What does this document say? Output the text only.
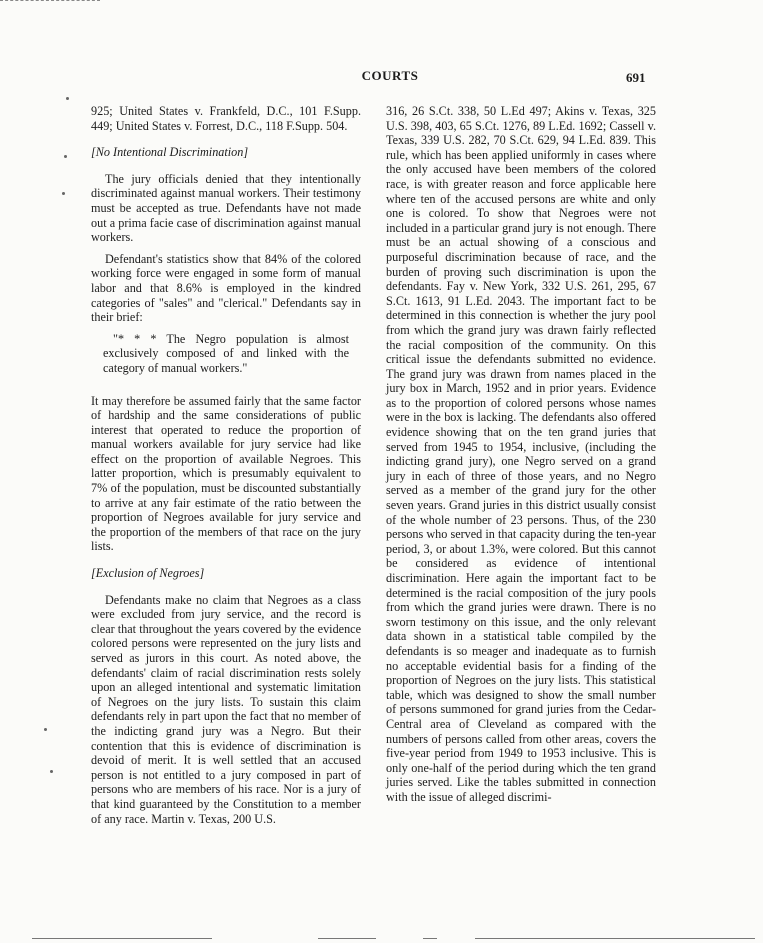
COURTS	691

925; United States v. Frankfeld, D.C., 101 F.Supp. 449; United States v. Forrest, D.C., 118 F.Supp. 504.

[No Intentional Discrimination]

The jury officials denied that they intentionally discriminated against manual workers. Their testimony must be accepted as true. Defendants have not made out a prima facie case of discrimination against manual workers.

Defendant's statistics show that 84% of the colored working force were engaged in some form of manual labor and that 8.6% is employed in the kindred categories of "sales" and "clerical." Defendants say in their brief:

"* * * The Negro population is almost exclusively composed of and linked with the category of manual workers."

It may therefore be assumed fairly that the same factor of hardship and the same considerations of public interest that operated to reduce the proportion of manual workers available for jury service had like effect on the proportion of available Negroes. This latter proportion, which is presumably equivalent to 7% of the population, must be discounted substantially to arrive at any fair estimate of the ratio between the proportion of Negroes available for jury service and the proportion of the members of that race on the jury lists.

[Exclusion of Negroes]

Defendants make no claim that Negroes as a class were excluded from jury service, and the record is clear that throughout the years covered by the evidence colored persons were represented on the jury lists and served as jurors in this court. As noted above, the defendants' claim of racial discrimination rests solely upon an alleged intentional and systematic limitation of Negroes on the jury lists. To sustain this claim defendants rely in part upon the fact that no member of the indicting grand jury was a Negro. But their contention that this is evidence of discrimination is devoid of merit. It is well settled that an accused person is not entitled to a jury composed in part of persons who are members of his race. Nor is a jury of that kind guaranteed by the Constitution to a member of any race. Martin v. Texas, 200 U.S.

316, 26 S.Ct. 338, 50 L.Ed 497; Akins v. Texas, 325 U.S. 398, 403, 65 S.Ct. 1276, 89 L.Ed. 1692; Cassell v. Texas, 339 U.S. 282, 70 S.Ct. 629, 94 L.Ed. 839. This rule, which has been applied uniformly in cases where the only accused have been members of the colored race, is with greater reason and force applicable here where ten of the accused persons are white and only one is colored. To show that Negroes were not included in a particular grand jury is not enough. There must be an actual showing of a conscious and purposeful discrimination because of race, and the burden of proving such discrimination is upon the defendants. Fay v. New York, 332 U.S. 261, 295, 67 S.Ct. 1613, 91 L.Ed. 2043. The important fact to be determined in this connection is whether the jury pool from which the grand jury was drawn fairly reflected the racial composition of the community. On this critical issue the defendants submitted no evidence. The grand jury was drawn from names placed in the jury box in March, 1952 and in prior years. Evidence as to the proportion of colored persons whose names were in the box is lacking. The defendants also offered evidence showing that on the ten grand juries that served from 1945 to 1954, inclusive, (including the indicting grand jury), one Negro served on a grand jury in each of three of those years, and no Negro served as a member of the grand jury for the other seven years. Grand juries in this district usually consist of the whole number of 23 persons. Thus, of the 230 persons who served in that capacity during the ten-year period, 3, or about 1.3%, were colored. But this cannot be considered as evidence of intentional discrimination. Here again the important fact to be determined is the racial composition of the jury pools from which the grand juries were drawn. There is no sworn testimony on this issue, and the only relevant data shown in a statistical table compiled by the defendants is so meager and inadequate as to furnish no acceptable evidential basis for a finding of the proportion of Negroes on the jury lists. This statistical table, which was designed to show the small number of persons summoned for grand juries from the Cedar-Central area of Cleveland as compared with the numbers of persons called from other areas, covers the five-year period from 1949 to 1953 inclusive. This is only one-half of the period during which the ten grand juries served. Like the tables submitted in connection with the issue of alleged discrimi-
